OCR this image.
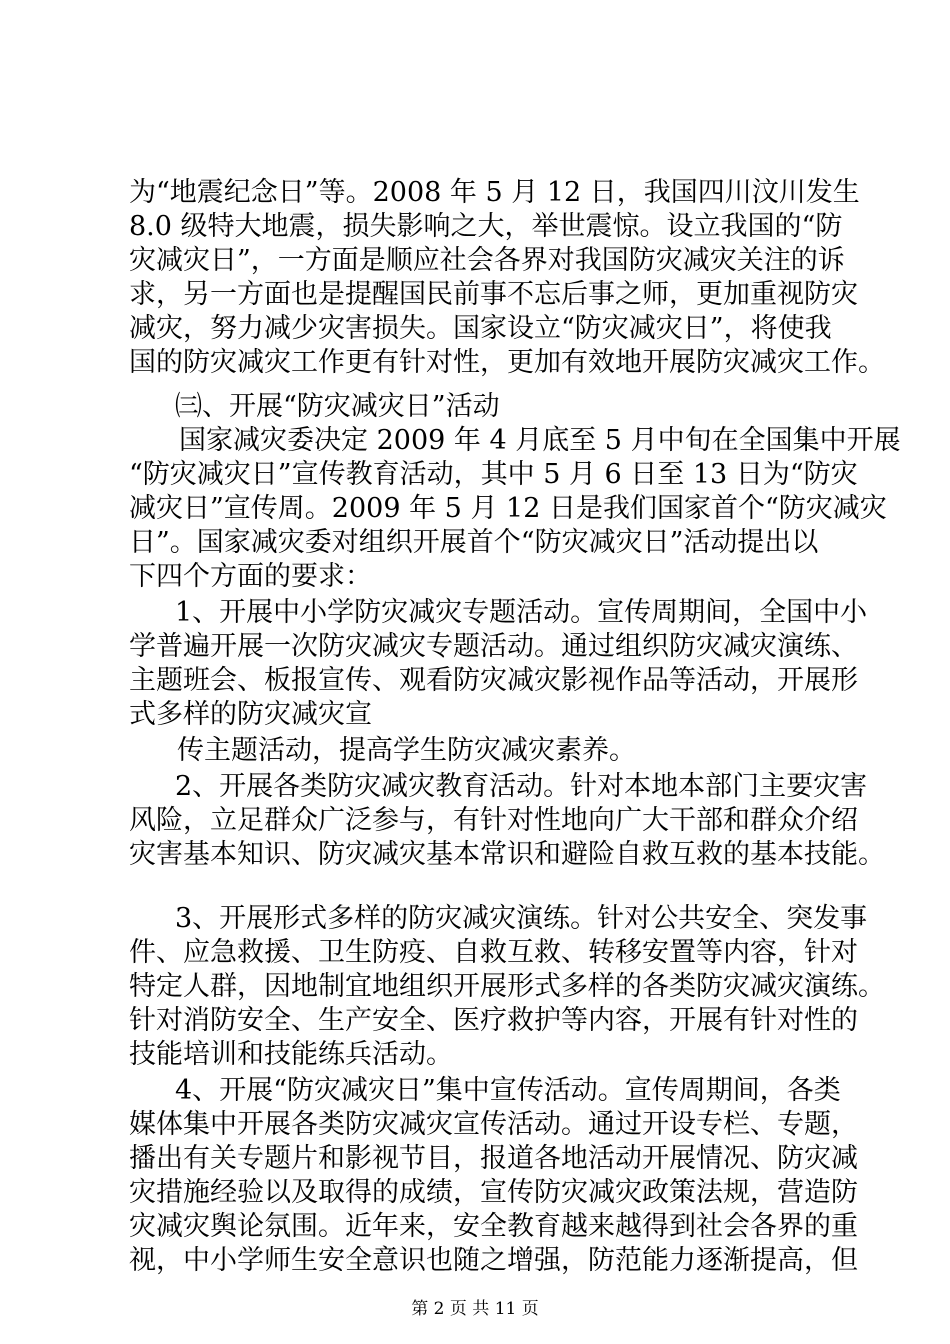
为“地震纪念日”等。2008 年 5 月 12 日，我国四川汶川发生
8.0 级特大地震，损失影响之大，举世震惊。设立我国的“防
灾减灾日”，一方面是顺应社会各界对我国防灾减灾关注的诉
求，另一方面也是提醒国民前事不忘后事之师，更加重视防灾
减灾，努力减少灾害损失。国家设立“防灾减灾日”，将使我
国的防灾减灾工作更有针对性，更加有效地开展防灾减灾工作。
㈢、开展“防灾减灾日”活动
国家减灾委决定 2009 年 4 月底至 5 月中旬在全国集中开展
“防灾减灾日”宣传教育活动，其中 5 月 6 日至 13 日为“防灾
减灾日”宣传周。2009 年 5 月 12 日是我们国家首个“防灾减灾
日”。国家减灾委对组织开展首个“防灾减灾日”活动提出以
下四个方面的要求：
1、开展中小学防灾减灾专题活动。宣传周期间，全国中小
学普遍开展一次防灾减灾专题活动。通过组织防灾减灾演练、
主题班会、板报宣传、观看防灾减灾影视作品等活动，开展形
式多样的防灾减灾宣
传主题活动，提高学生防灾减灾素养。
2、开展各类防灾减灾教育活动。针对本地本部门主要灾害
风险，立足群众广泛参与，有针对性地向广大干部和群众介绍
灾害基本知识、防灾减灾基本常识和避险自救互救的基本技能。
3、开展形式多样的防灾减灾演练。针对公共安全、突发事
件、应急救援、卫生防疫、自救互救、转移安置等内容，针对
特定人群，因地制宜地组织开展形式多样的各类防灾减灾演练。
针对消防安全、生产安全、医疗救护等内容，开展有针对性的
技能培训和技能练兵活动。
4、开展“防灾减灾日”集中宣传活动。宣传周期间，各类
媒体集中开展各类防灾减灾宣传活动。通过开设专栏、专题，
播出有关专题片和影视节目，报道各地活动开展情况、防灾减
灾措施经验以及取得的成绩，宣传防灾减灾政策法规，营造防
灾减灾舆论氛围。近年来，安全教育越来越得到社会各界的重
视，中小学师生安全意识也随之增强，防范能力逐渐提高，但
第 2 页 共 11 页
